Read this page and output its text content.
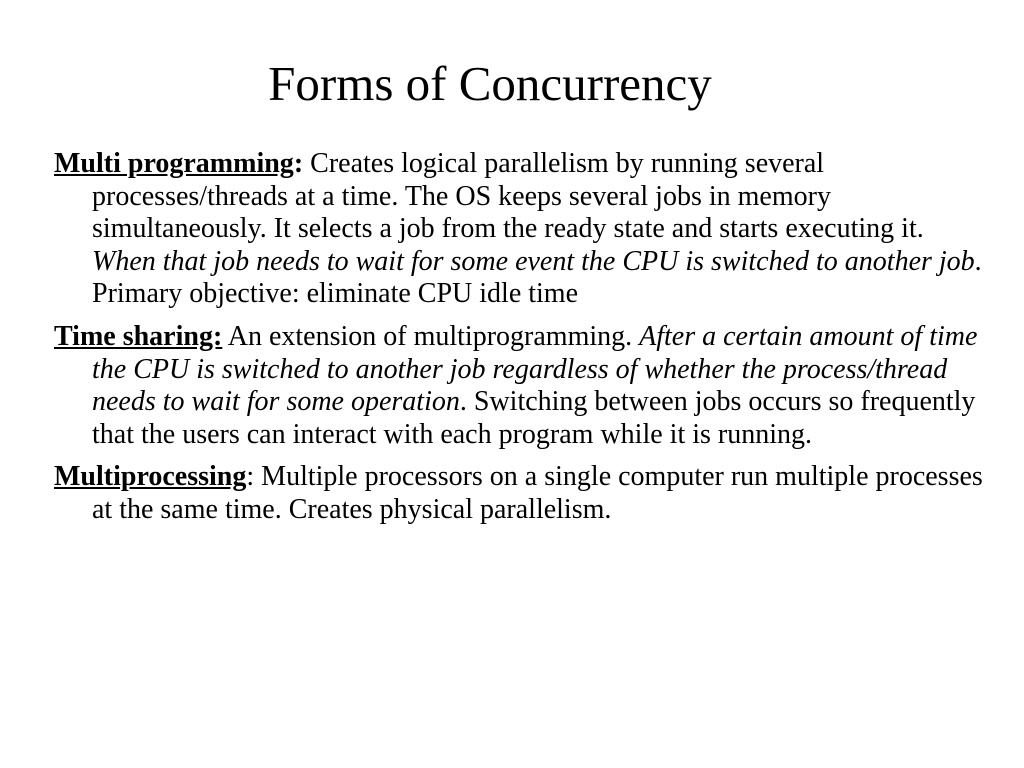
Forms of Concurrency

Multi programming: Creates logical parallelism by running several processes/threads at a time. The OS keeps several jobs in memory simultaneously. It selects a job from the ready state and starts executing it. When that job needs to wait for some event the CPU is switched to another job. Primary objective: eliminate CPU idle time

Time sharing: An extension of multiprogramming. After a certain amount of time the CPU is switched to another job regardless of whether the process/thread needs to wait for some operation. Switching between jobs occurs so frequently that the users can interact with each program while it is running.

Multiprocessing: Multiple processors on a single computer run multiple processes at the same time. Creates physical parallelism.
